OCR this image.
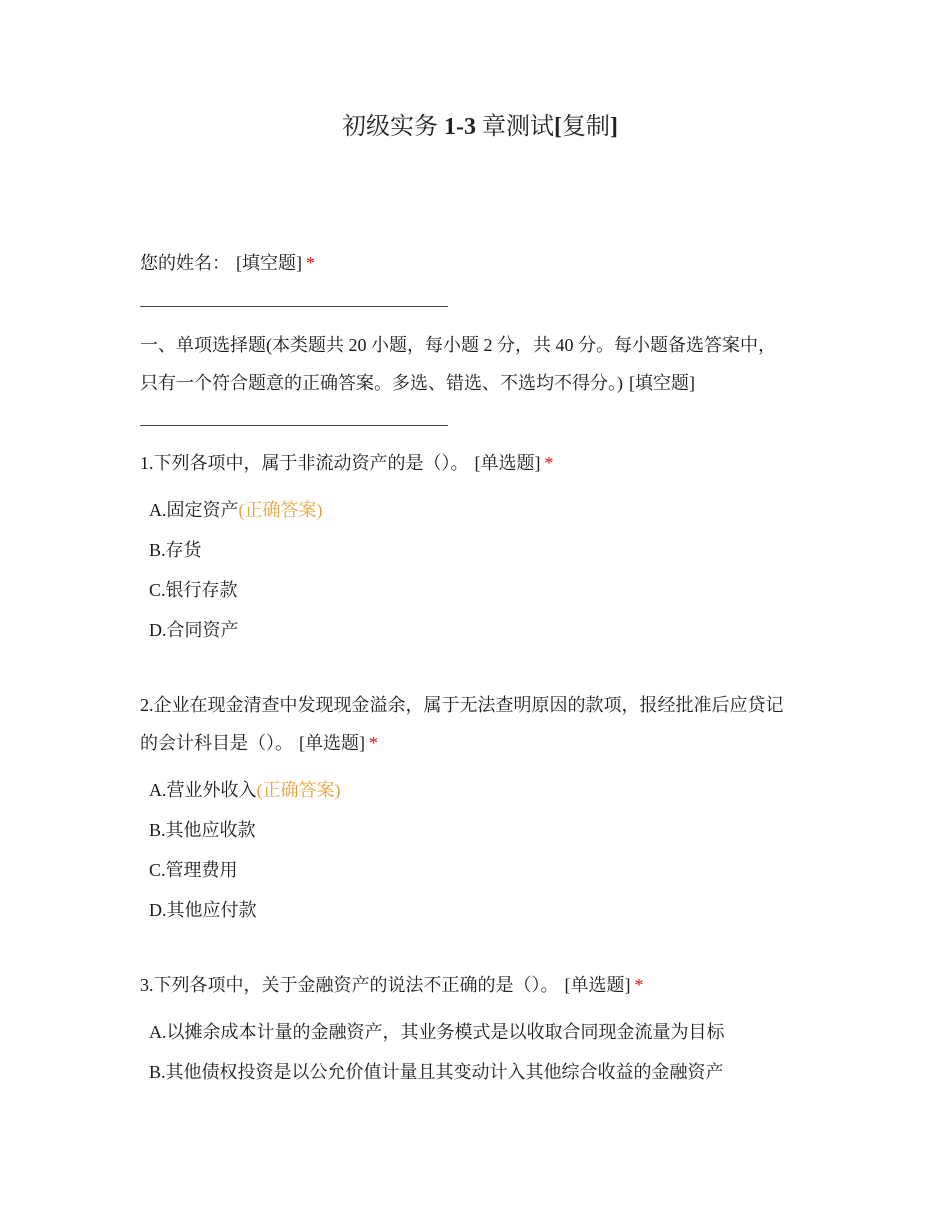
初级实务 1-3 章测试[复制]
您的姓名： [填空题] *
一、单项选择题(本类题共 20 小题，每小题 2 分，共 40 分。每小题备选答案中，
只有一个符合题意的正确答案。多选、错选、不选均不得分。) [填空题]
1.下列各项中，属于非流动资产的是（）。 [单选题] *
A.固定资产(正确答案)
B.存货
C.银行存款
D.合同资产
2.企业在现金清查中发现现金溢余，属于无法查明原因的款项，报经批准后应贷记
的会计科目是（）。 [单选题] *
A.营业外收入(正确答案)
B.其他应收款
C.管理费用
D.其他应付款
3.下列各项中，关于金融资产的说法不正确的是（）。 [单选题] *
A.以摊余成本计量的金融资产，其业务模式是以收取合同现金流量为目标
B.其他债权投资是以公允价值计量且其变动计入其他综合收益的金融资产
